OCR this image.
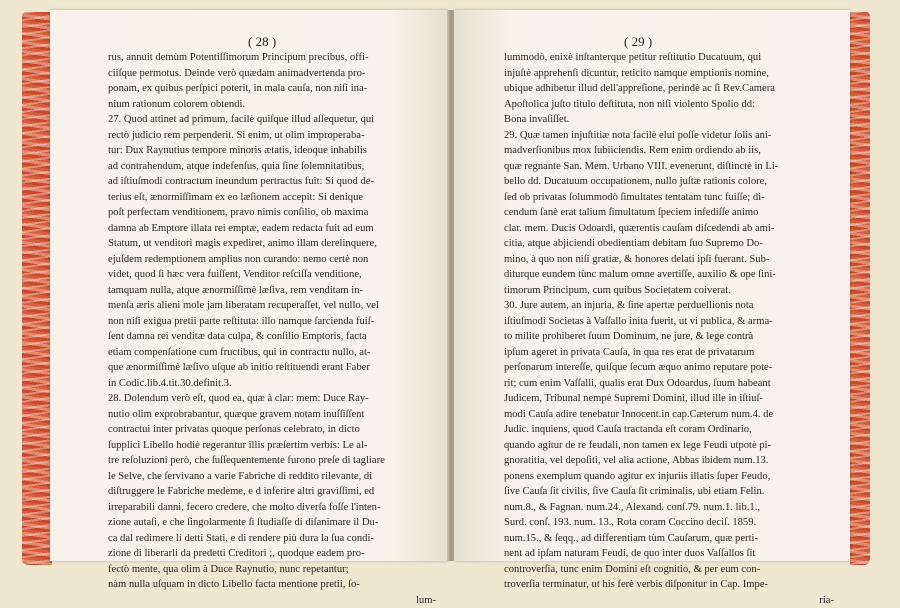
( 28 )
rus, annuit demùm Potentiſſimorum Principum precibus, offi-
ciiſque permotus. Deinde verò quædam animadvertenda pro-
ponam, ex quibus perſpici poterit, in mala cauſa, non niſi ina-
nium rationum colorem obtendi.
27. Quod attinet ad primum, facilè quiſque illud aſſequetur, qui
rectò judicio rem perpenderit. Si enim, ut olim improperaba-
tur: Dux Raynutius tempore minoris ætatis, ideoque inhabilis
ad contrahendum, atque indefenſus, quia ſine ſolemnitatibus,
ad iſtiuſmodi contractum ineundum pertractus fuit: Si quod de-
terius eſt, ænormiſſimam ex eo læſionem accepit: Si denique
poſt perfectam venditionem, pravo nimis conſilio, ob maxima
damna ab Emptore illata rei emptæ, eadem redacta fuit ad eum
Statum, ut venditori magis expediret, animo illam derelinquere,
ejuſdem redemptionem amplius non curando: nemo certè non
videt, quod ſi hæc vera fuiſſent, Venditor reſciſſa venditione,
tamquam nulla, atque ænormiſſimè læſiva, rem venditam in-
menſa æris alieni mole jam liberatam recuperaſſet, vel nullo, vel
non niſi exigua pretii parte reſtituta: illo namque ſarcienda fuiſ-
ſent damna rei venditæ data culpa, & conſilio Emptoris, facta
etiam compenſatione cum fructibus, qui in contractu nullo, at-
que ænormiſſimè læſivo uſque ab initio reſtituendi erant Faber
in Codic.lib.4.tit.30.definit.3.
28. Dolendum verò eſt, quod ea, quæ à clar: mem: Duce Ray-
nutio olim exprobrabantur, quæque gravem notam inuſſiſſent
contractui inter privatas quoque perſonas celebrato, in dicto
ſupplici Libello hodiè regerantur illis præſertim verbis: Le al-
tre reſoluzioni però, che ſuſſequentemente furono preſe di tagliare
le Selve, che ſervivano a varie Fabriche di reddito rilevante, di
diſtruggere le Fabriche medeme, e d inferire altri gravìſſimi, ed
irreparabili danni, fecero credere, che molto diverſa foſſe l'inten-
zione autaſi, e che ſingolarmente ſi ſtudiaſſe di diſanimare il Du-
ca dal redimere li detti Stati, e di rendere più dura la ſua condi-
zione di liberarli da predetti Creditori ;, quodque eadem pro-
fectò mente, qua olim à Duce Raynutio, nunc repetantur;
nàm nulla uſquam in dicto Libello facta mentione pretii, ſo-
lum-
( 29 )
lummodò, enixè inſtanterque petitur reſtitutio Ducatuum, qui
injuſtè apprehenſi dicuntur, reticito namque emptionis nomine,
ubique adhibetur illud dell'appreſione, perindè ac ſi Rev.Camera
Apoſtolica juſto titulo deſtituta, non niſi violento Spolio dd:
Bona invaſiſſet.
29. Quæ tamen injuſtitiæ nota facilè elui poſſe videtur ſolis ani-
madverſionibus mox ſubiiciendis. Rem enim ordiendo ab iis,
quæ regnante San. Mem. Urbano VIII. evenerunt, diſtinctè in Li-
bello dd. Ducatuum occupationem, nullo juſtæ rationis colore,
ſed ob privatas ſolummodò ſimultates tentatam tunc fuiſſe; di-
cendum ſanè erat talium ſimultatum ſpeciem infediſſe animo
clar. mem. Ducis Odoardi, quærentis cauſam diſcedendi ab ami-
citia, atque abjiciendi obedientiam debitam ſuo Supremo Do-
mino, à quo non niſi gratiæ, & honores delati ipſi fuerant. Sub-
diturque eundem tùnc malum omne avertiſſe, auxilio & ope ſini-
timorum Principum, cum quibus Societatem coiverat.
30. Jure autem, an injuria, & ſine apertæ perduellionis nota
iſtiuſmodi Societas à Vaſſallo inita fuerit, ut vi publica, & arma-
to milite prohiberet ſuum Dominum, ne jure, & lege contrà
ipſum ageret in privata Cauſa, in qua res erat de privatarum
perſonarum intereſſe, quiſque ſecum æquo animo reputare pote-
rit; cum enim Vaſſalli, qualis erat Dux Odoardus, ſuum habeant
Judicem, Tribunal nempè Supremi Domini, illud ille in iſtiuſ-
modi Cauſa adire tenebatur Innocent.in cap.Cæterum num.4. de
Judic. inquiens, quod Cauſa tractanda eſt coram Ordinario,
quando agitur de re feudali, non tamen ex lege Feudi utpotè pi-
gnoratitia, vel depoſiti, vel alia actione, Abbas ibidem num.13.
ponens exemplum quando agitur ex injuriis illatis ſuper Feudo,
ſive Cauſa ſit civilis, ſive Cauſa ſit criminalis, ubi etiam Felin.
num.8., & Fagnan. num.24., Alexand. conſ.79. num.1. lib.1.,
Surd. conſ. 193. num. 13., Rota coram Coccino deciſ. 1859.
num.15., & ſeqq., ad differentiam tùm Cauſarum, quæ perti-
nent ad ipſam naturam Feudi, de quo inter duos Vaſſallos ſit
controverſia, tunc enim Domini eſt cognitio, & per eum con-
troverſia terminatur, ut his ferè verbis diſponitur in Cap. Impe-
ria-
